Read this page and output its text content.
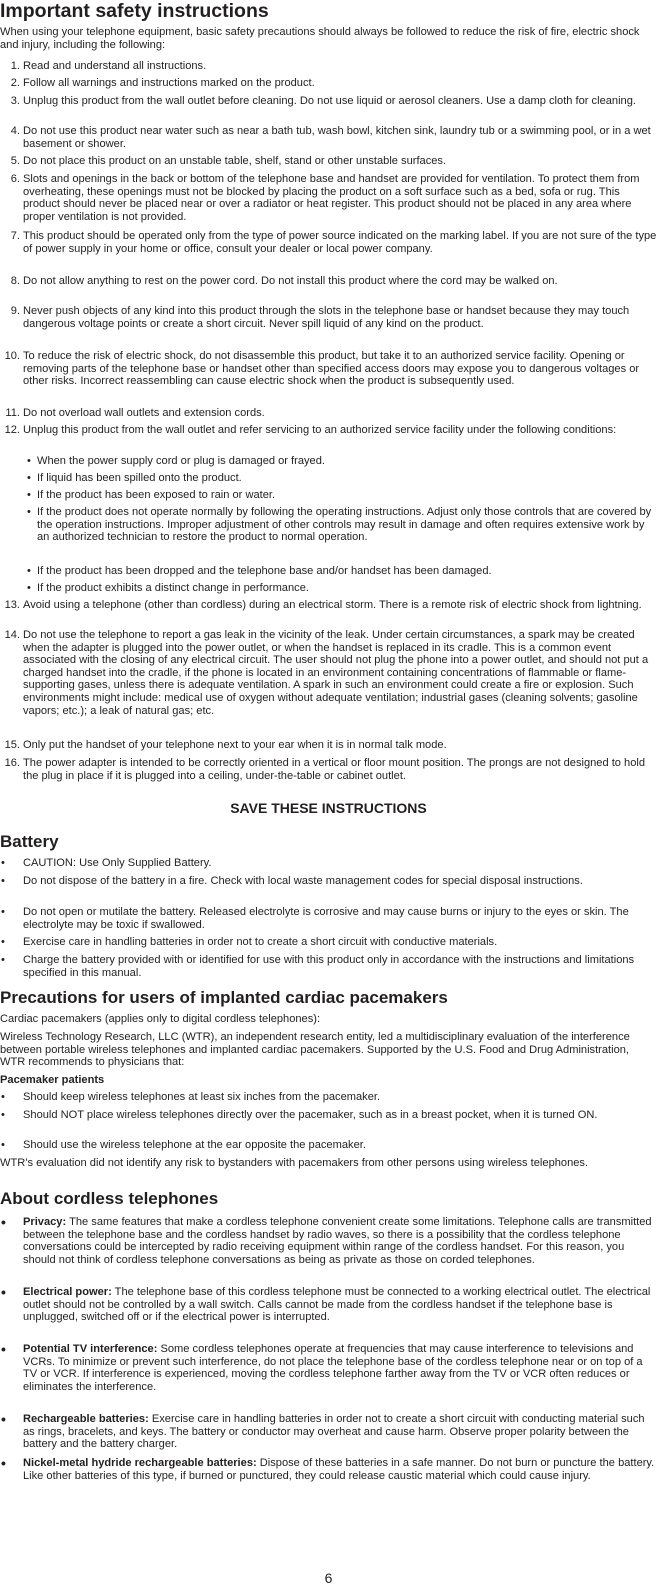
Important safety instructions
When using your telephone equipment, basic safety precautions should always be followed to reduce the risk of fire, electric shock and injury, including the following:
1. Read and understand all instructions.
2. Follow all warnings and instructions marked on the product.
3. Unplug this product from the wall outlet before cleaning. Do not use liquid or aerosol cleaners. Use a damp cloth for cleaning.
4. Do not use this product near water such as near a bath tub, wash bowl, kitchen sink, laundry tub or a swimming pool, or in a wet basement or shower.
5. Do not place this product on an unstable table, shelf, stand or other unstable surfaces.
6. Slots and openings in the back or bottom of the telephone base and handset are provided for ventilation. To protect them from overheating, these openings must not be blocked by placing the product on a soft surface such as a bed, sofa or rug. This product should never be placed near or over a radiator or heat register. This product should not be placed in any area where proper ventilation is not provided.
7. This product should be operated only from the type of power source indicated on the marking label. If you are not sure of the type of power supply in your home or office, consult your dealer or local power company.
8. Do not allow anything to rest on the power cord. Do not install this product where the cord may be walked on.
9. Never push objects of any kind into this product through the slots in the telephone base or handset because they may touch dangerous voltage points or create a short circuit. Never spill liquid of any kind on the product.
10. To reduce the risk of electric shock, do not disassemble this product, but take it to an authorized service facility. Opening or removing parts of the telephone base or handset other than specified access doors may expose you to dangerous voltages or other risks. Incorrect reassembling can cause electric shock when the product is subsequently used.
11. Do not overload wall outlets and extension cords.
12. Unplug this product from the wall outlet and refer servicing to an authorized service facility under the following conditions:
• When the power supply cord or plug is damaged or frayed.
• If liquid has been spilled onto the product.
• If the product has been exposed to rain or water.
• If the product does not operate normally by following the operating instructions. Adjust only those controls that are covered by the operation instructions. Improper adjustment of other controls may result in damage and often requires extensive work by an authorized technician to restore the product to normal operation.
• If the product has been dropped and the telephone base and/or handset has been damaged.
• If the product exhibits a distinct change in performance.
13. Avoid using a telephone (other than cordless) during an electrical storm. There is a remote risk of electric shock from lightning.
14. Do not use the telephone to report a gas leak in the vicinity of the leak. Under certain circumstances, a spark may be created when the adapter is plugged into the power outlet, or when the handset is replaced in its cradle. This is a common event associated with the closing of any electrical circuit. The user should not plug the phone into a power outlet, and should not put a charged handset into the cradle, if the phone is located in an environment containing concentrations of flammable or flame-supporting gases, unless there is adequate ventilation. A spark in such an environment could create a fire or explosion. Such environments might include: medical use of oxygen without adequate ventilation; industrial gases (cleaning solvents; gasoline vapors; etc.); a leak of natural gas; etc.
15. Only put the handset of your telephone next to your ear when it is in normal talk mode.
16. The power adapter is intended to be correctly oriented in a vertical or floor mount position. The prongs are not designed to hold the plug in place if it is plugged into a ceiling, under-the-table or cabinet outlet.
SAVE THESE INSTRUCTIONS
Battery
• CAUTION: Use Only Supplied Battery.
• Do not dispose of the battery in a fire. Check with local waste management codes for special disposal instructions.
• Do not open or mutilate the battery. Released electrolyte is corrosive and may cause burns or injury to the eyes or skin. The electrolyte may be toxic if swallowed.
• Exercise care in handling batteries in order not to create a short circuit with conductive materials.
• Charge the battery provided with or identified for use with this product only in accordance with the instructions and limitations specified in this manual.
Precautions for users of implanted cardiac pacemakers
Cardiac pacemakers (applies only to digital cordless telephones):
Wireless Technology Research, LLC (WTR), an independent research entity, led a multidisciplinary evaluation of the interference between portable wireless telephones and implanted cardiac pacemakers. Supported by the U.S. Food and Drug Administration, WTR recommends to physicians that:
Pacemaker patients
• Should keep wireless telephones at least six inches from the pacemaker.
• Should NOT place wireless telephones directly over the pacemaker, such as in a breast pocket, when it is turned ON.
• Should use the wireless telephone at the ear opposite the pacemaker.
WTR’s evaluation did not identify any risk to bystanders with pacemakers from other persons using wireless telephones.
About cordless telephones
• Privacy: The same features that make a cordless telephone convenient create some limitations. Telephone calls are transmitted between the telephone base and the cordless handset by radio waves, so there is a possibility that the cordless telephone conversations could be intercepted by radio receiving equipment within range of the cordless handset. For this reason, you should not think of cordless telephone conversations as being as private as those on corded telephones.
• Electrical power: The telephone base of this cordless telephone must be connected to a working electrical outlet. The electrical outlet should not be controlled by a wall switch. Calls cannot be made from the cordless handset if the telephone base is unplugged, switched off or if the electrical power is interrupted.
• Potential TV interference: Some cordless telephones operate at frequencies that may cause interference to televisions and VCRs. To minimize or prevent such interference, do not place the telephone base of the cordless telephone near or on top of a TV or VCR. If interference is experienced, moving the cordless telephone farther away from the TV or VCR often reduces or eliminates the interference.
• Rechargeable batteries: Exercise care in handling batteries in order not to create a short circuit with conducting material such as rings, bracelets, and keys. The battery or conductor may overheat and cause harm. Observe proper polarity between the battery and the battery charger.
• Nickel-metal hydride rechargeable batteries: Dispose of these batteries in a safe manner. Do not burn or puncture the battery. Like other batteries of this type, if burned or punctured, they could release caustic material which could cause injury.
6
